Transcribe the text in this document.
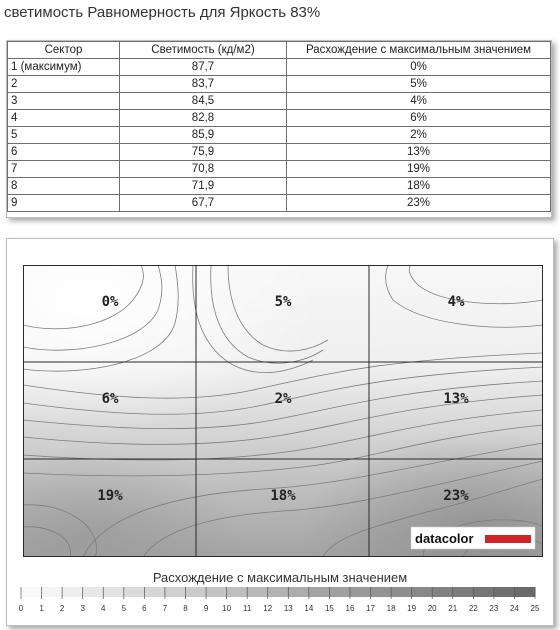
светимость Равномерность для Яркость 83%
Сектор	Светимость (кд/м2)	Расхождение с максимальным значением
1 (максимум)	87,7	0%
2	83,7	5%
3	84,5	4%
4	82,8	6%
5	85,9	2%
6	75,9	13%
7	70,8	19%
8	71,9	18%
9	67,7	23%
0%	5%	4%
6%	2%	13%
19%	18%	23%
datacolor
Расхождение с максимальным значением
0 1 2 3 4 5 6 7 8 9 10 11 12 13 14 15 16 17 18 19 20 21 22 23 24 25
